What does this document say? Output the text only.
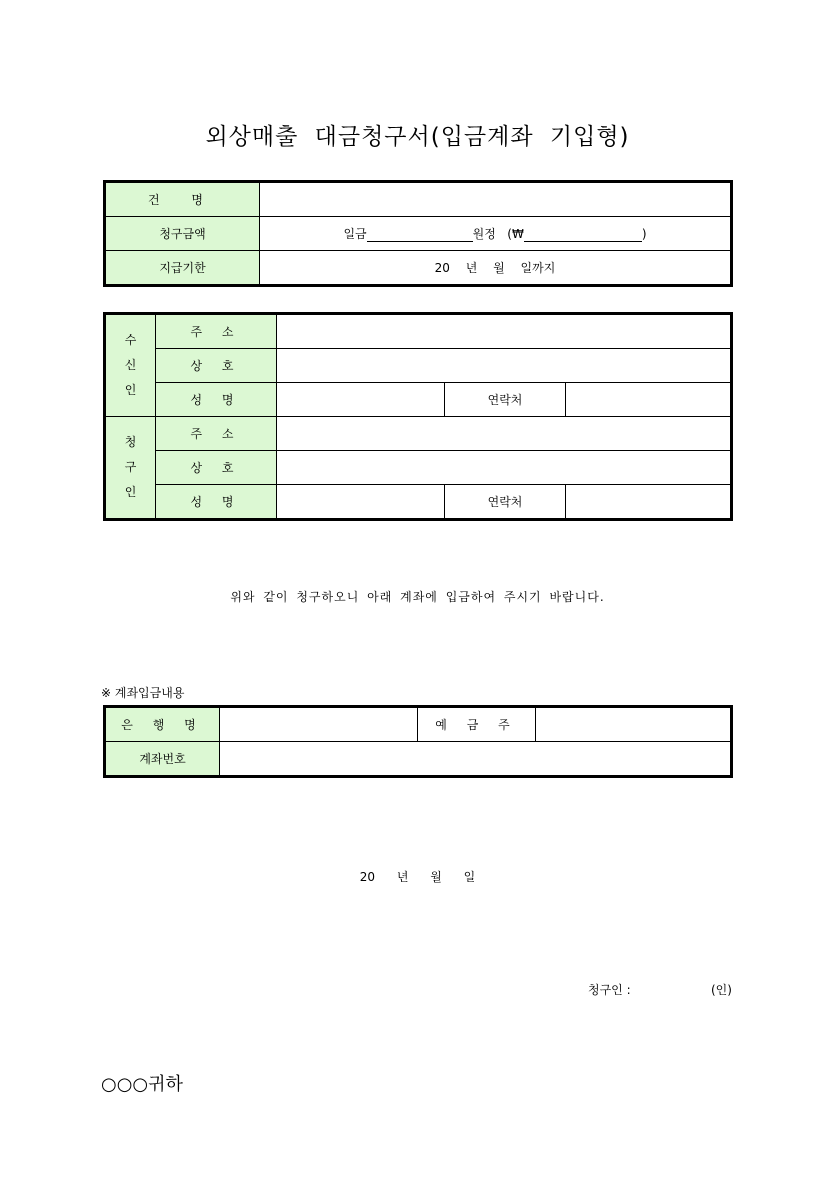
외상매출 대금청구서(입금계좌 기입형)
건 명	
청구금액	일금 원정 (₩ )
지급기한	20 년 월 일까지
수
신
인	주 소			
	상 호			
	성 명		연락처	

청
구
인	주 소			
	상 호			
	성 명		연락처	
위와 같이 청구하오니 아래 계좌에 입금하여 주시기 바랍니다.
※ 계좌입금내용
은 행 명		예 금 주	
계좌번호			
20 년 월 일
청구인 :	(인)
○○○귀하
